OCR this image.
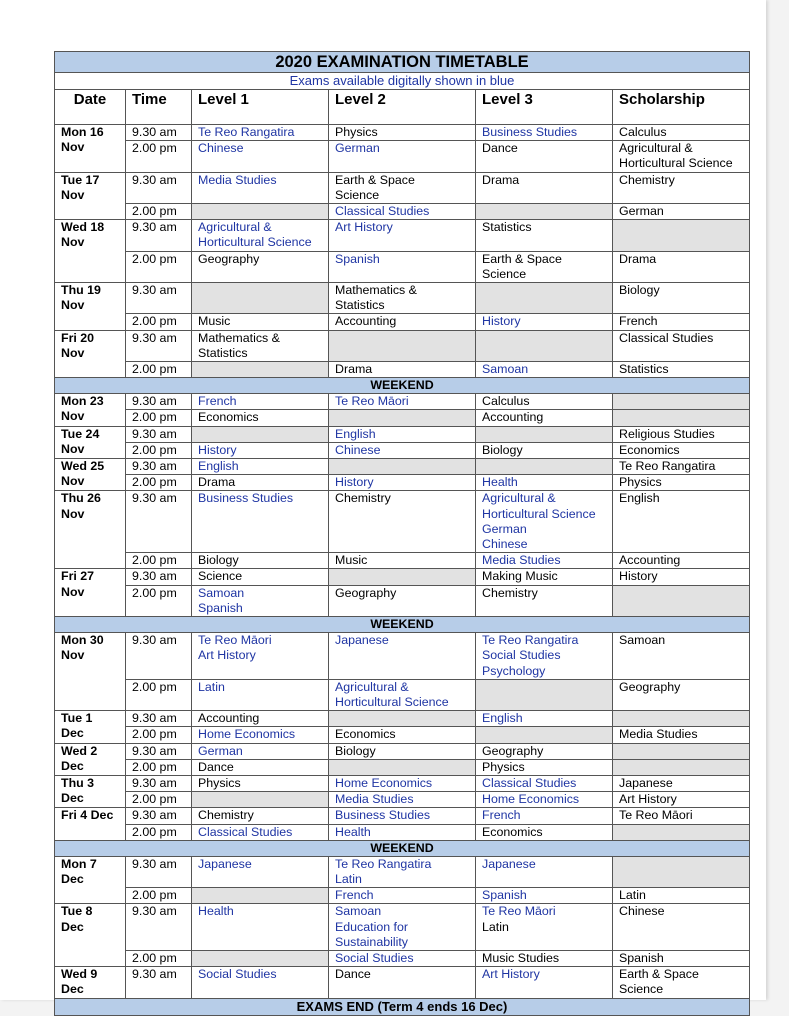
2020 EXAMINATION TIMETABLE					
Exams available digitally shown in blue					
Date	Time	Level 1	Level 2	Level 3	Scholarship

Mon 16
Nov	9.30 am	Te Reo Rangatira	Physics	Business Studies	Calculus

	2.00 pm	Chinese	German	Dance	Agricultural &
Horticultural Science

Tue 17
Nov	9.30 am	Media Studies	Earth & Space
Science	Drama	Chemistry

	2.00 pm		Classical Studies		German

Wed 18
Nov	9.30 am	Agricultural &
Horticultural Science	Art History	Statistics	

	2.00 pm	Geography	Spanish	Earth & Space
Science	Drama

Thu 19
Nov	9.30 am		Mathematics &
Statistics		Biology

	2.00 pm	Music	Accounting	History	French

Fri 20
Nov	9.30 am	Mathematics &
Statistics			Classical Studies

	2.00 pm		Drama	Samoan	Statistics

WEEKEND					

Mon 23
Nov	9.30 am	French	Te Reo Māori	Calculus	

	2.00 pm	Economics		Accounting	

Tue 24
Nov	9.30 am		English		Religious Studies

	2.00 pm	History	Chinese	Biology	Economics

Wed 25
Nov	9.30 am	English			Te Reo Rangatira

	2.00 pm	Drama	History	Health	Physics

Thu 26
Nov	9.30 am	Business Studies	Chemistry	Agricultural &
Horticultural Science
German
Chinese	English

	2.00 pm	Biology	Music	Media Studies	Accounting

Fri 27
Nov	9.30 am	Science		Making Music	History

	2.00 pm	Samoan
Spanish	Geography	Chemistry	

WEEKEND					

Mon 30
Nov	9.30 am	Te Reo Māori
Art History	Japanese	Te Reo Rangatira
Social Studies
Psychology	Samoan

	2.00 pm	Latin	Agricultural &
Horticultural Science		Geography

Tue 1
Dec	9.30 am	Accounting		English	

	2.00 pm	Home Economics	Economics		Media Studies

Wed 2
Dec	9.30 am	German	Biology	Geography	

	2.00 pm	Dance		Physics	

Thu 3
Dec	9.30 am	Physics	Home Economics	Classical Studies	Japanese

	2.00 pm		Media Studies	Home Economics	Art History

Fri 4 Dec	9.30 am	Chemistry	Business Studies	French	Te Reo Māori

	2.00 pm	Classical Studies	Health	Economics	

WEEKEND					

Mon 7
Dec	9.30 am	Japanese	Te Reo Rangatira
Latin	Japanese	

	2.00 pm		French	Spanish	Latin

Tue 8
Dec	9.30 am	Health	Samoan
Education for
Sustainability	Te Reo Māori
Latin	Chinese

	2.00 pm		Social Studies	Music Studies	Spanish

Wed 9
Dec	9.30 am	Social Studies	Dance	Art History	Earth & Space
Science

EXAMS END (Term 4 ends 16 Dec)					
